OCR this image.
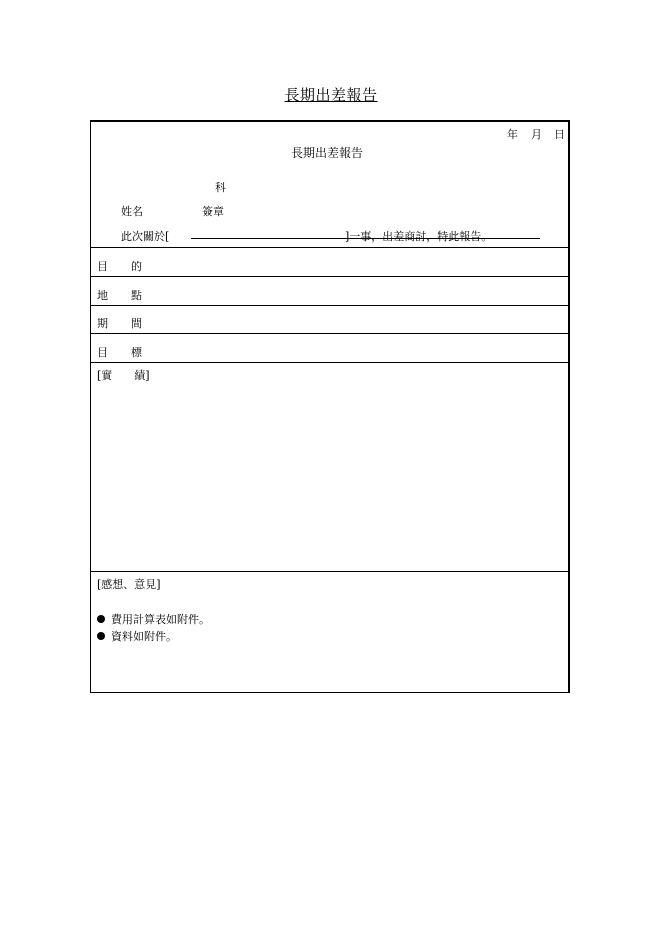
長期出差報告
年 月 日
長期出差報告
科
姓名	簽章
此次關於[	]一事，出差商討，特此報告。
目 的
地 點
期 間
目 標
[實　　績]
[感想、意見]
費用計算表如附件。
資料如附件。
